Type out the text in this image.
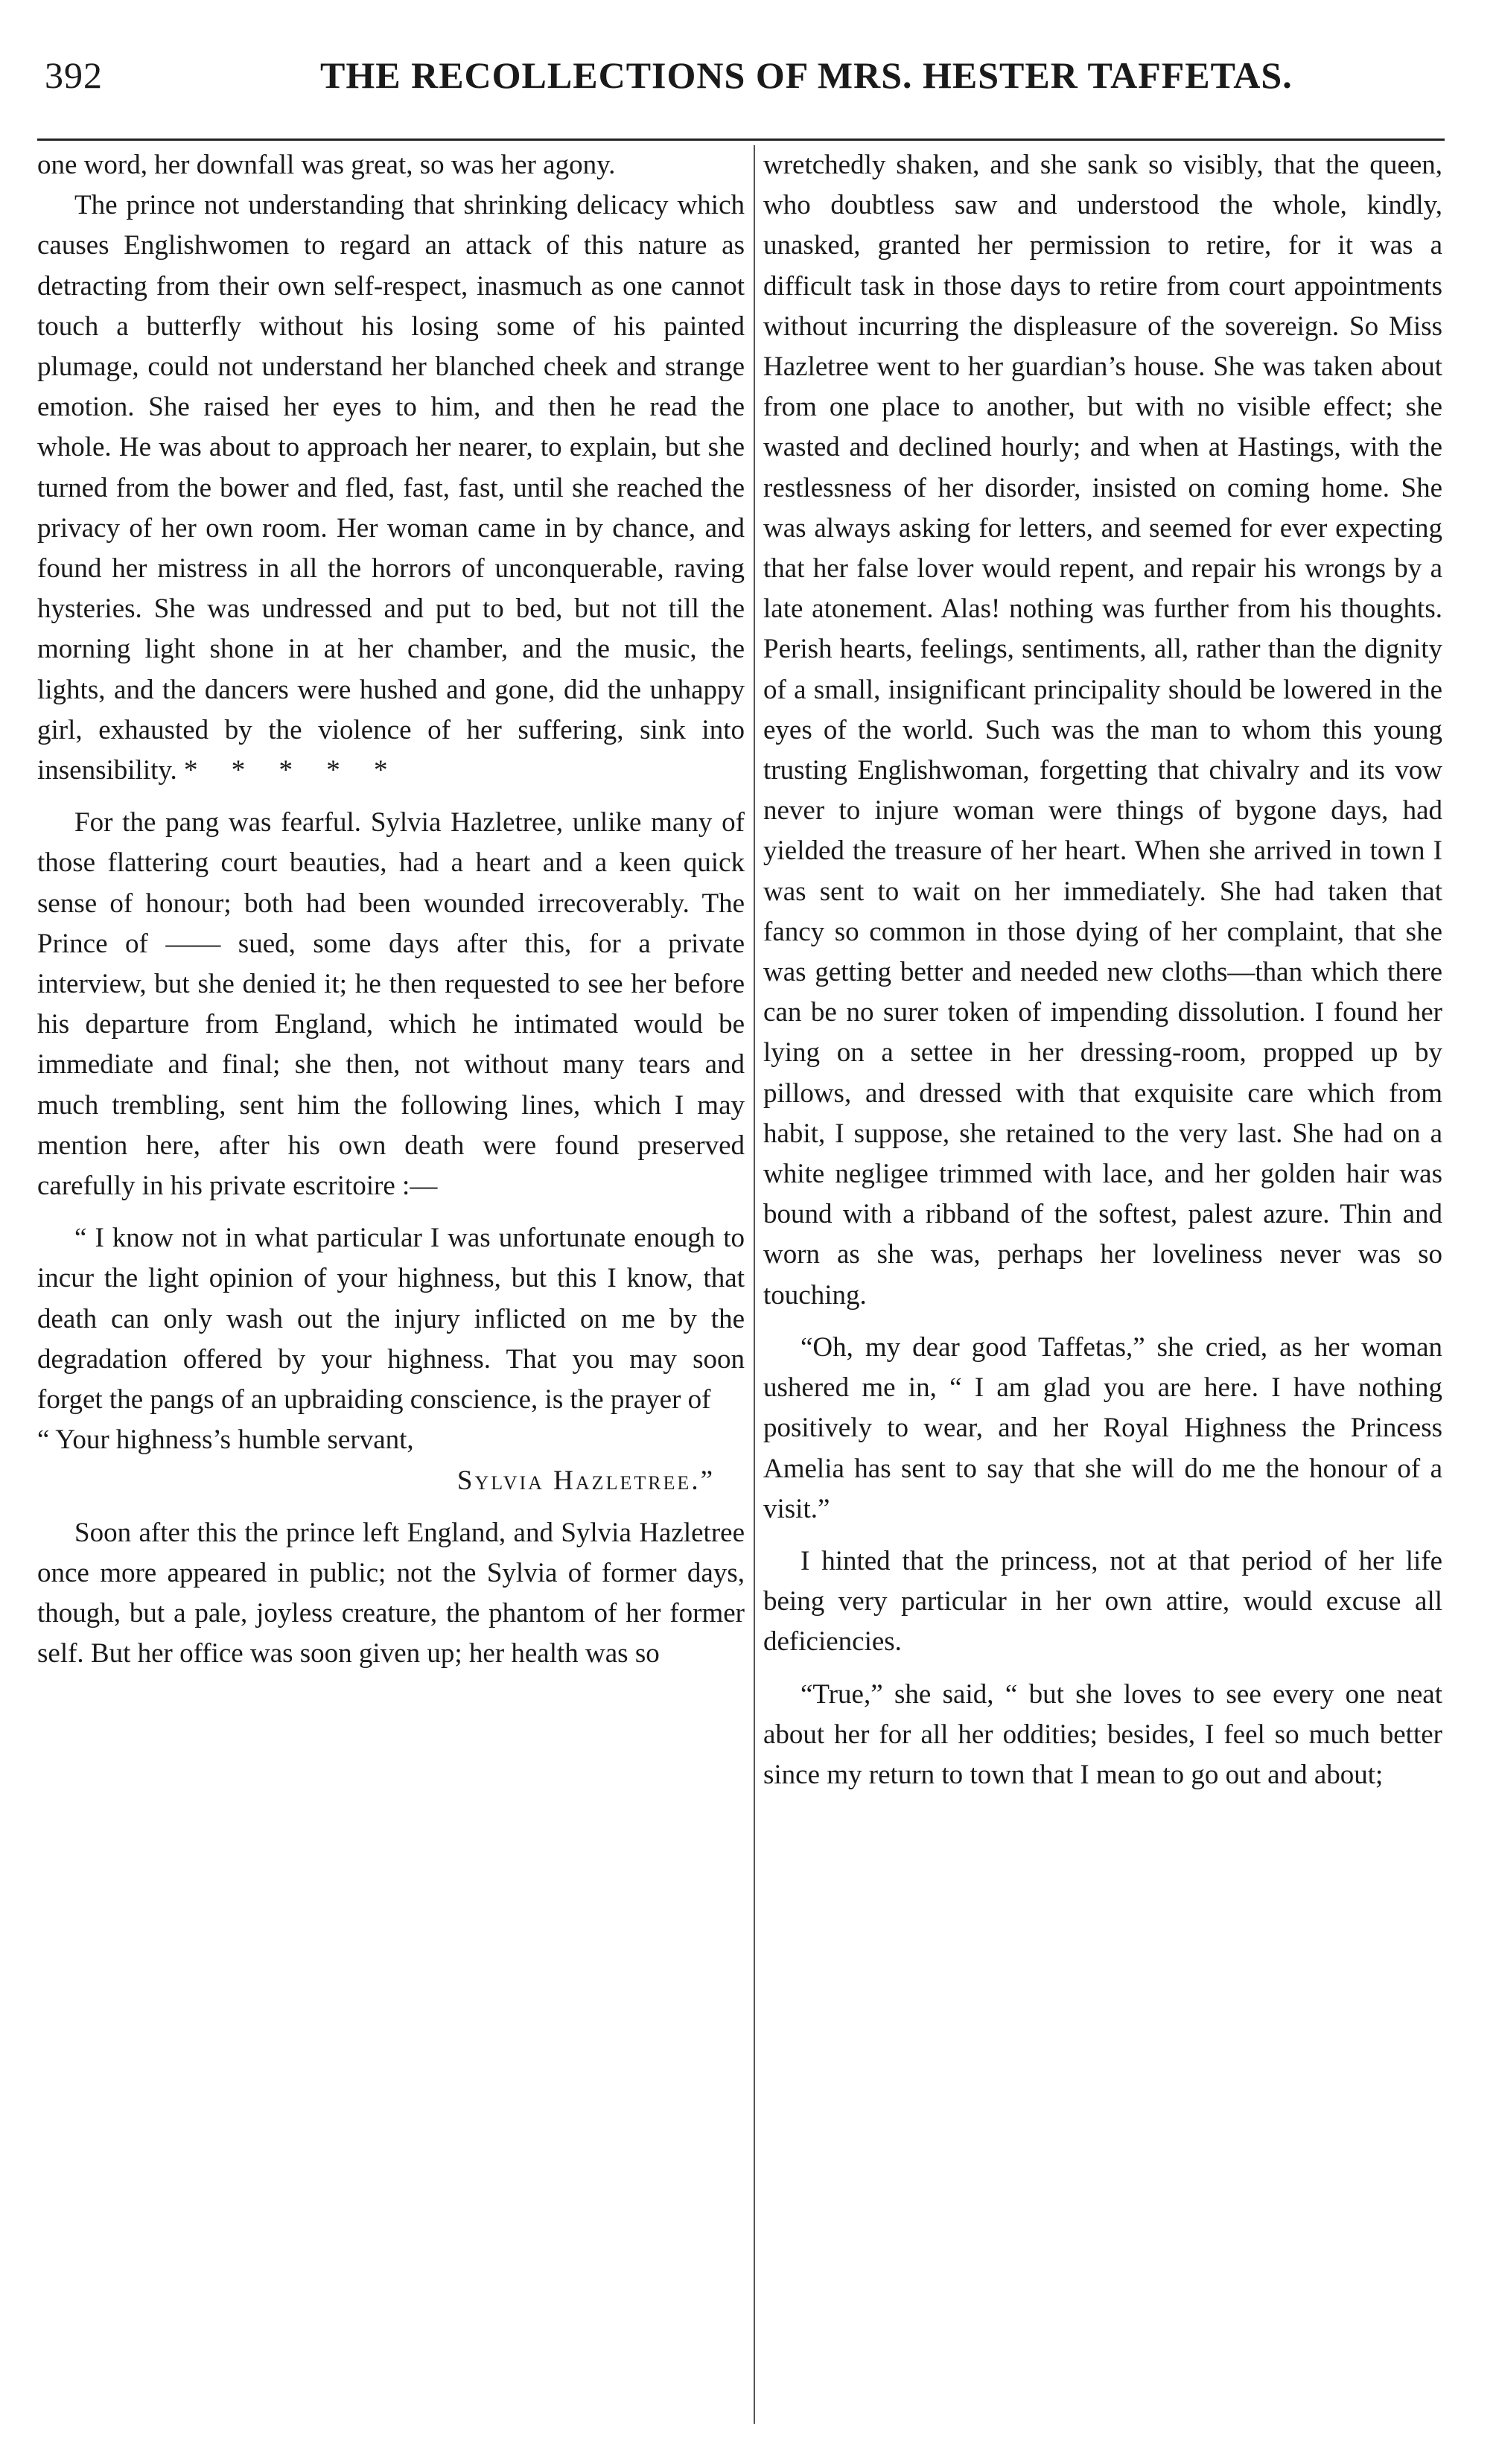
392	THE RECOLLECTIONS OF MRS. HESTER TAFFETAS.

one word, her downfall was great, so was her agony.

The prince not understanding that shrinking delicacy which causes Englishwomen to regard an attack of this nature as detracting from their own self-respect, inasmuch as one cannot touch a butterfly without his losing some of his painted plumage, could not understand her blanched cheek and strange emotion. She raised her eyes to him, and then he read the whole. He was about to approach her nearer, to explain, but she turned from the bower and fled, fast, fast, until she reached the privacy of her own room. Her woman came in by chance, and found her mistress in all the horrors of unconquerable, raving hysteries. She was undressed and put to bed, but not till the morning light shone in at her chamber, and the music, the lights, and the dancers were hushed and gone, did the unhappy girl, exhausted by the violence of her suffering, sink into insensibility. * * * * *

For the pang was fearful. Sylvia Hazletree, unlike many of those flattering court beauties, had a heart and a keen quick sense of honour; both had been wounded irrecoverably. The Prince of —— sued, some days after this, for a private interview, but she denied it; he then requested to see her before his departure from England, which he intimated would be immediate and final; she then, not without many tears and much trembling, sent him the following lines, which I may mention here, after his own death were found preserved carefully in his private escritoire :—

“ I know not in what particular I was unfortunate enough to incur the light opinion of your highness, but this I know, that death can only wash out the injury inflicted on me by the degradation offered by your highness. That you may soon forget the pangs of an upbraiding conscience, is the prayer of

“ Your highness’s humble servant,

Sylvia Hazletree.”

Soon after this the prince left England, and Sylvia Hazletree once more appeared in public; not the Sylvia of former days, though, but a pale, joyless creature, the phantom of her former self. But her office was soon given up; her health was so

wretchedly shaken, and she sank so visibly, that the queen, who doubtless saw and understood the whole, kindly, unasked, granted her permission to retire, for it was a difficult task in those days to retire from court appointments without incurring the displeasure of the sovereign. So Miss Hazletree went to her guardian’s house. She was taken about from one place to another, but with no visible effect; she wasted and declined hourly; and when at Hastings, with the restlessness of her disorder, insisted on coming home. She was always asking for letters, and seemed for ever expecting that her false lover would repent, and repair his wrongs by a late atonement. Alas! nothing was further from his thoughts. Perish hearts, feelings, sentiments, all, rather than the dignity of a small, insignificant principality should be lowered in the eyes of the world. Such was the man to whom this young trusting Englishwoman, forgetting that chivalry and its vow never to injure woman were things of bygone days, had yielded the treasure of her heart. When she arrived in town I was sent to wait on her immediately. She had taken that fancy so common in those dying of her complaint, that she was getting better and needed new cloths—than which there can be no surer token of impending dissolution. I found her lying on a settee in her dressing-room, propped up by pillows, and dressed with that exquisite care which from habit, I suppose, she retained to the very last. She had on a white negligee trimmed with lace, and her golden hair was bound with a ribband of the softest, palest azure. Thin and worn as she was, perhaps her loveliness never was so touching.

“Oh, my dear good Taffetas,” she cried, as her woman ushered me in, “ I am glad you are here. I have nothing positively to wear, and her Royal Highness the Princess Amelia has sent to say that she will do me the honour of a visit.”

I hinted that the princess, not at that period of her life being very particular in her own attire, would excuse all deficiencies.

“True,” she said, “ but she loves to see every one neat about her for all her oddities; besides, I feel so much better since my return to town that I mean to go out and about;
